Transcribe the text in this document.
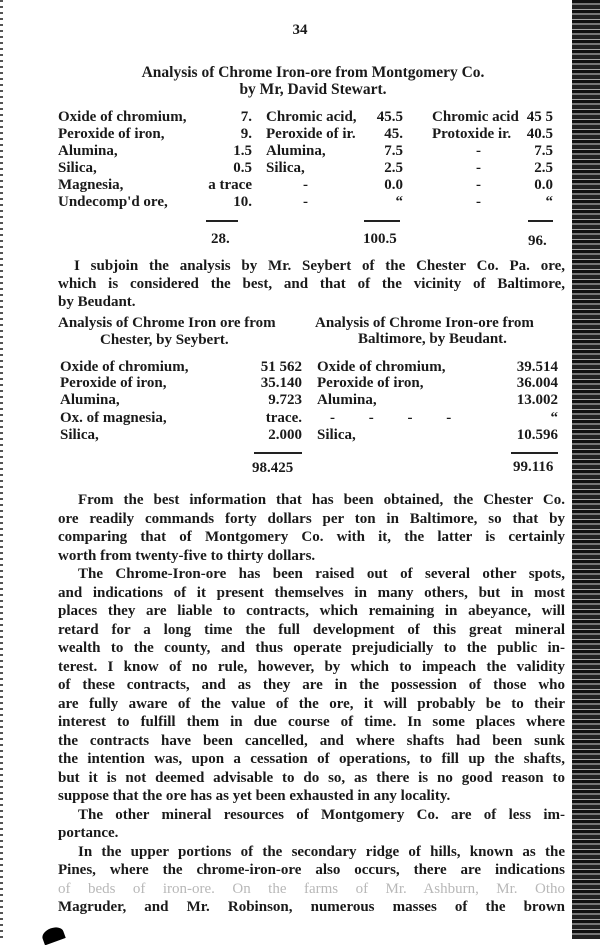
34
Analysis of Chrome Iron-ore from Montgomery Co.
by Mr, David Stewart.
Oxide of chromium,	7. Chromic acid,	45.5 Chromic acid 45 5
Peroxide of iron,	9. Peroxide of ir.	45. Protoxide ir.	40.5
Alumina,	1.5 Alumina,	7.5	-	7.5
Silica,	0.5 Silica,	2.5	-	2.5
Magnesia,	a trace	-	0.0	-	0.0
Undecomp'd ore,	10.	-	“	-	“
28.	100.5	96.
I subjoin the analysis by Mr. Seybert of the Chester Co. Pa. ore,
which is considered the best, and that of the vicinity of Baltimore,
by Beudant.
Analysis of Chrome Iron ore from
Chester, by Seybert.
Analysis of Chrome Iron-ore from
Baltimore, by Beudant.
Oxide of chromium,	51 562 Oxide of chromium,	39.514
Peroxide of iron,	35.140 Peroxide of iron,	36.004
Alumina,	9.723 Alumina,	13.002
Ox. of magnesia,	trace. - - - -	“
Silica,	2.000 Silica,	10.596
98.425	99.116
From the best information that has been obtained, the Chester Co.
ore readily commands forty dollars per ton in Baltimore, so that by
comparing that of Montgomery Co. with it, the latter is certainly
worth from twenty-five to thirty dollars.
The Chrome-Iron-ore has been raised out of several other spots,
and indications of it present themselves in many others, but in most
places they are liable to contracts, which remaining in abeyance, will
retard for a long time the full development of this great mineral
wealth to the county, and thus operate prejudicially to the public in-
terest. I know of no rule, however, by which to impeach the validity
of these contracts, and as they are in the possession of those who
are fully aware of the value of the ore, it will probably be to their
interest to fulfill them in due course of time. In some places where
the contracts have been cancelled, and where shafts had been sunk
the intention was, upon a cessation of operations, to fill up the shafts,
but it is not deemed advisable to do so, as there is no good reason to
suppose that the ore has as yet been exhausted in any locality.
The other mineral resources of Montgomery Co. are of less im-
portance.
In the upper portions of the secondary ridge of hills, known as the
Pines, where the chrome-iron-ore also occurs, there are indications
of beds of iron-ore. On the farms of Mr. Ashburn, Mr. Otho
Magruder, and Mr. Robinson, numerous masses of the brown
